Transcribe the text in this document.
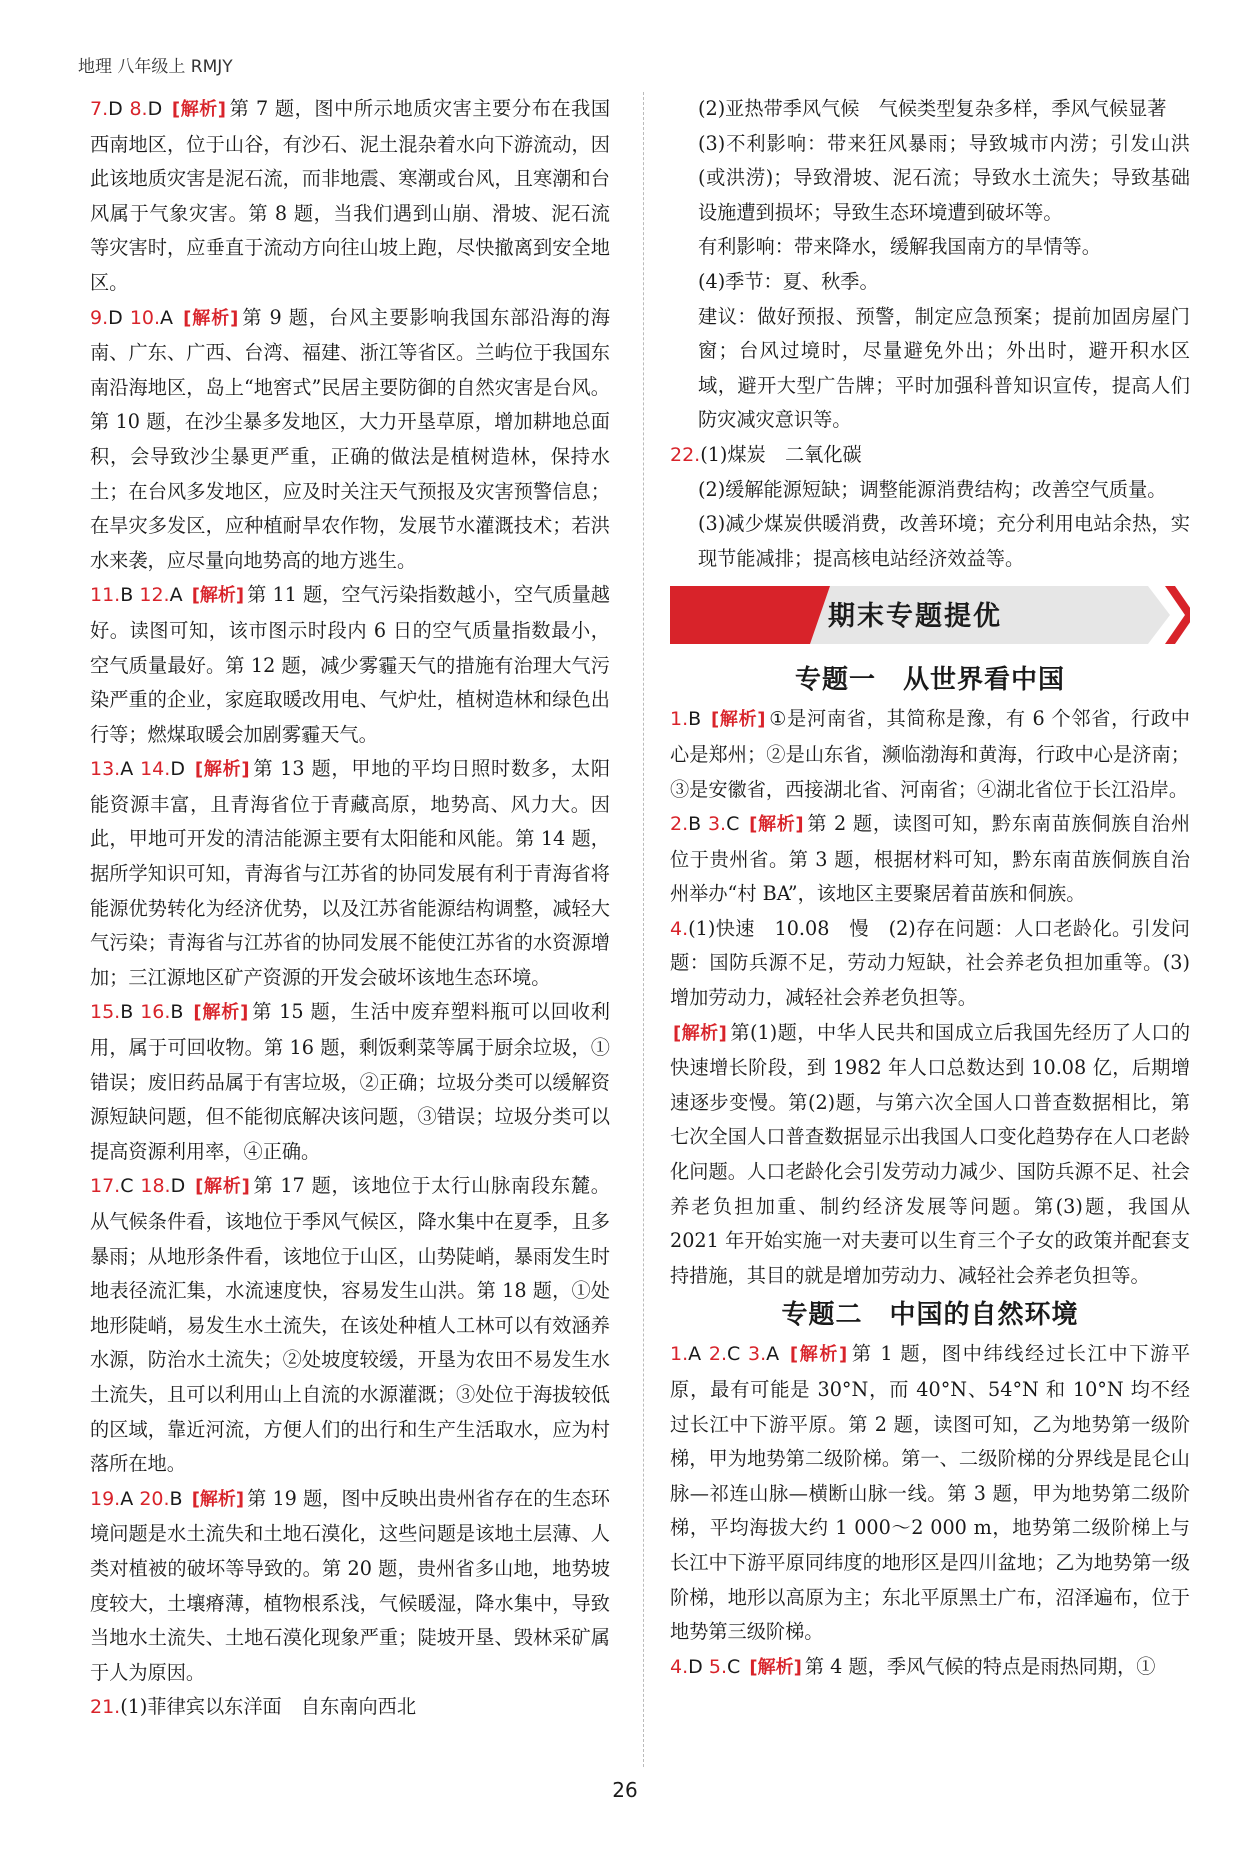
地理 八年级上 RMJY

7.D 8.D [解析] 第 7 题，图中所示地质灾害主要分布在我国西南地区，位于山谷，有沙石、泥土混杂着水向下游流动，因此该地质灾害是泥石流，而非地震、寒潮或台风，且寒潮和台风属于气象灾害。第 8 题，当我们遇到山崩、滑坡、泥石流等灾害时，应垂直于流动方向往山坡上跑，尽快撤离到安全地区。

9.D 10.A [解析] 第 9 题，台风主要影响我国东部沿海的海南、广东、广西、台湾、福建、浙江等省区。兰屿位于我国东南沿海地区，岛上“地窖式”民居主要防御的自然灾害是台风。第 10 题，在沙尘暴多发地区，大力开垦草原，增加耕地总面积，会导致沙尘暴更严重，正确的做法是植树造林，保持水土；在台风多发地区，应及时关注天气预报及灾害预警信息；在旱灾多发区，应种植耐旱农作物，发展节水灌溉技术；若洪水来袭，应尽量向地势高的地方逃生。

11.B 12.A [解析] 第 11 题，空气污染指数越小，空气质量越好。读图可知，该市图示时段内 6 日的空气质量指数最小，空气质量最好。第 12 题，减少雾霾天气的措施有治理大气污染严重的企业，家庭取暖改用电、气炉灶，植树造林和绿色出行等；燃煤取暖会加剧雾霾天气。

13.A 14.D [解析] 第 13 题，甲地的平均日照时数多，太阳能资源丰富，且青海省位于青藏高原，地势高、风力大。因此，甲地可开发的清洁能源主要有太阳能和风能。第 14 题，据所学知识可知，青海省与江苏省的协同发展有利于青海省将能源优势转化为经济优势，以及江苏省能源结构调整，减轻大气污染；青海省与江苏省的协同发展不能使江苏省的水资源增加；三江源地区矿产资源的开发会破坏该地生态环境。

15.B 16.B [解析] 第 15 题，生活中废弃塑料瓶可以回收利用，属于可回收物。第 16 题，剩饭剩菜等属于厨余垃圾，①错误；废旧药品属于有害垃圾，②正确；垃圾分类可以缓解资源短缺问题，但不能彻底解决该问题，③错误；垃圾分类可以提高资源利用率，④正确。

17.C 18.D [解析] 第 17 题，该地位于太行山脉南段东麓。从气候条件看，该地位于季风气候区，降水集中在夏季，且多暴雨；从地形条件看，该地位于山区，山势陡峭，暴雨发生时地表径流汇集，水流速度快，容易发生山洪。第 18 题，①处地形陡峭，易发生水土流失，在该处种植人工林可以有效涵养水源，防治水土流失；②处坡度较缓，开垦为农田不易发生水土流失，且可以利用山上自流的水源灌溉；③处位于海拔较低的区域，靠近河流，方便人们的出行和生产生活取水，应为村落所在地。

19.A 20.B [解析] 第 19 题，图中反映出贵州省存在的生态环境问题是水土流失和土地石漠化，这些问题是该地土层薄、人类对植被的破坏等导致的。第 20 题，贵州省多山地，地势坡度较大，土壤瘠薄，植物根系浅，气候暖湿，降水集中，导致当地水土流失、土地石漠化现象严重；陡坡开垦、毁林采矿属于人为原因。

21.(1)菲律宾以东洋面　自东南向西北

(2)亚热带季风气候　气候类型复杂多样，季风气候显著

(3)不利影响：带来狂风暴雨；导致城市内涝；引发山洪(或洪涝)；导致滑坡、泥石流；导致水土流失；导致基础设施遭到损坏；导致生态环境遭到破坏等。

有利影响：带来降水，缓解我国南方的旱情等。

(4)季节：夏、秋季。

建议：做好预报、预警，制定应急预案；提前加固房屋门窗；台风过境时，尽量避免外出；外出时，避开积水区域，避开大型广告牌；平时加强科普知识宣传，提高人们防灾减灾意识等。

22.(1)煤炭　二氧化碳

(2)缓解能源短缺；调整能源消费结构；改善空气质量。

(3)减少煤炭供暖消费，改善环境；充分利用电站余热，实现节能减排；提高核电站经济效益等。

期末专题提优
专题一　从世界看中国

1.B [解析] ①是河南省，其简称是豫，有 6 个邻省，行政中心是郑州；②是山东省，濒临渤海和黄海，行政中心是济南；③是安徽省，西接湖北省、河南省；④湖北省位于长江沿岸。

2.B 3.C [解析] 第 2 题，读图可知，黔东南苗族侗族自治州位于贵州省。第 3 题，根据材料可知，黔东南苗族侗族自治州举办“村 BA”，该地区主要聚居着苗族和侗族。

4.(1)快速　10.08　慢　(2)存在问题：人口老龄化。引发问题：国防兵源不足，劳动力短缺，社会养老负担加重等。(3)增加劳动力，减轻社会养老负担等。

[解析] 第(1)题，中华人民共和国成立后我国先经历了人口的快速增长阶段，到 1982 年人口总数达到 10.08 亿，后期增速逐步变慢。第(2)题，与第六次全国人口普查数据相比，第七次全国人口普查数据显示出我国人口变化趋势存在人口老龄化问题。人口老龄化会引发劳动力减少、国防兵源不足、社会养老负担加重、制约经济发展等问题。第(3)题，我国从 2021 年开始实施一对夫妻可以生育三个子女的政策并配套支持措施，其目的就是增加劳动力、减轻社会养老负担等。

专题二　中国的自然环境

1.A 2.C 3.A [解析] 第 1 题，图中纬线经过长江中下游平原，最有可能是 30°N，而 40°N、54°N 和 10°N 均不经过长江中下游平原。第 2 题，读图可知，乙为地势第一级阶梯，甲为地势第二级阶梯。第一、二级阶梯的分界线是昆仑山脉—祁连山脉—横断山脉一线。第 3 题，甲为地势第二级阶梯，平均海拔大约 1 000～2 000 m，地势第二级阶梯上与长江中下游平原同纬度的地形区是四川盆地；乙为地势第一级阶梯，地形以高原为主；东北平原黑土广布，沼泽遍布，位于地势第三级阶梯。

4.D 5.C [解析] 第 4 题，季风气候的特点是雨热同期，①

26
